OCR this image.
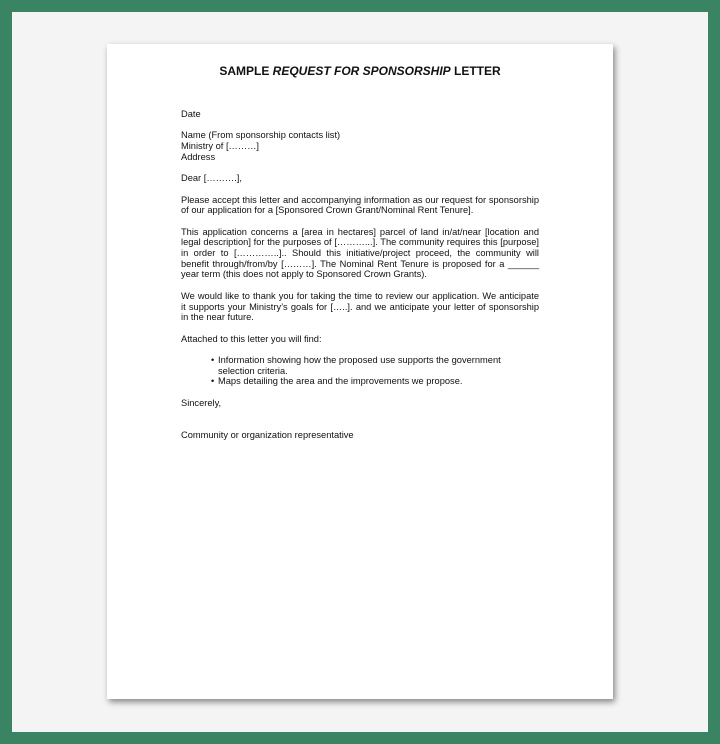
SAMPLE REQUEST FOR SPONSORSHIP LETTER

Date

Name (From sponsorship contacts list)
Ministry of [………]
Address

Dear [……….],

Please accept this letter and accompanying information as our request for sponsorship of our application for a [Sponsored Crown Grant/Nominal Rent Tenure].

This application concerns a [area in hectares] parcel of land in/at/near [location and legal description] for the purposes of [………...]. The community requires this [purpose] in order to […………..].. Should this initiative/project proceed, the community will benefit through/from/by [………]. The Nominal Rent Tenure is proposed for a ______ year term (this does not apply to Sponsored Crown Grants).

We would like to thank you for taking the time to review our application. We anticipate it supports your Ministry’s goals for […..]. and we anticipate your letter of sponsorship in the near future.

Attached to this letter you will find:

• Information showing how the proposed use supports the government selection criteria.
• Maps detailing the area and the improvements we propose.

Sincerely,

Community or organization representative
